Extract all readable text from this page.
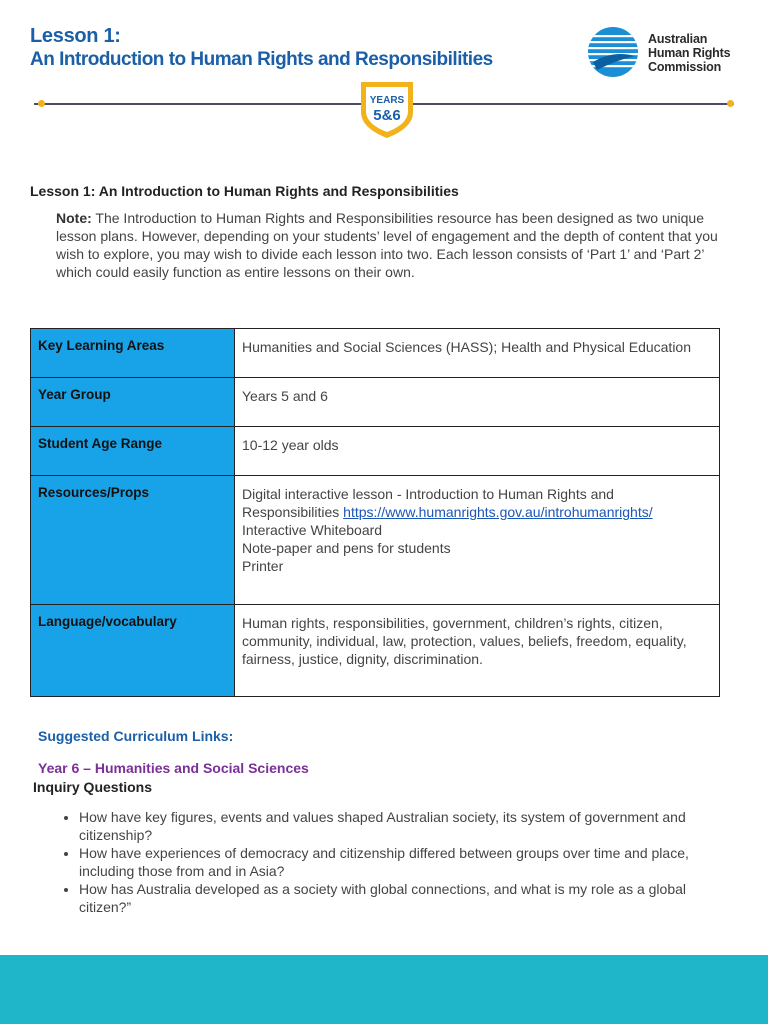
Lesson 1:
An Introduction to Human Rights and Responsibilities
Australian
Human Rights
Commission
YEARS
5&6
Lesson 1: An Introduction to Human Rights and Responsibilities
Note: The Introduction to Human Rights and Responsibilities resource has been designed as two unique lesson plans. However, depending on your students’ level of engagement and the depth of content that you wish to explore, you may wish to divide each lesson into two. Each lesson consists of ‘Part 1’ and ‘Part 2’ which could easily function as entire lessons on their own.
Key Learning Areas	Humanities and Social Sciences (HASS); Health and Physical Education
Year Group	Years 5 and 6
Student Age Range	10-12 year olds
Resources/Props	Digital interactive lesson - Introduction to Human Rights and
Responsibilities https://www.humanrights.gov.au/introhumanrights/
Interactive Whiteboard
Note-paper and pens for students
Printer

Language/vocabulary	Human rights, responsibilities, government, children’s rights, citizen, community, individual, law, protection, values, beliefs, freedom, equality, fairness, justice, dignity, discrimination.
Suggested Curriculum Links:
Year 6 – Humanities and Social Sciences
Inquiry Questions
• How have key figures, events and values shaped Australian society, its system of government and citizenship?
• How have experiences of democracy and citizenship differed between groups over time and place, including those from and in Asia?
• How has Australia developed as a society with global connections, and what is my role as a global citizen?”
